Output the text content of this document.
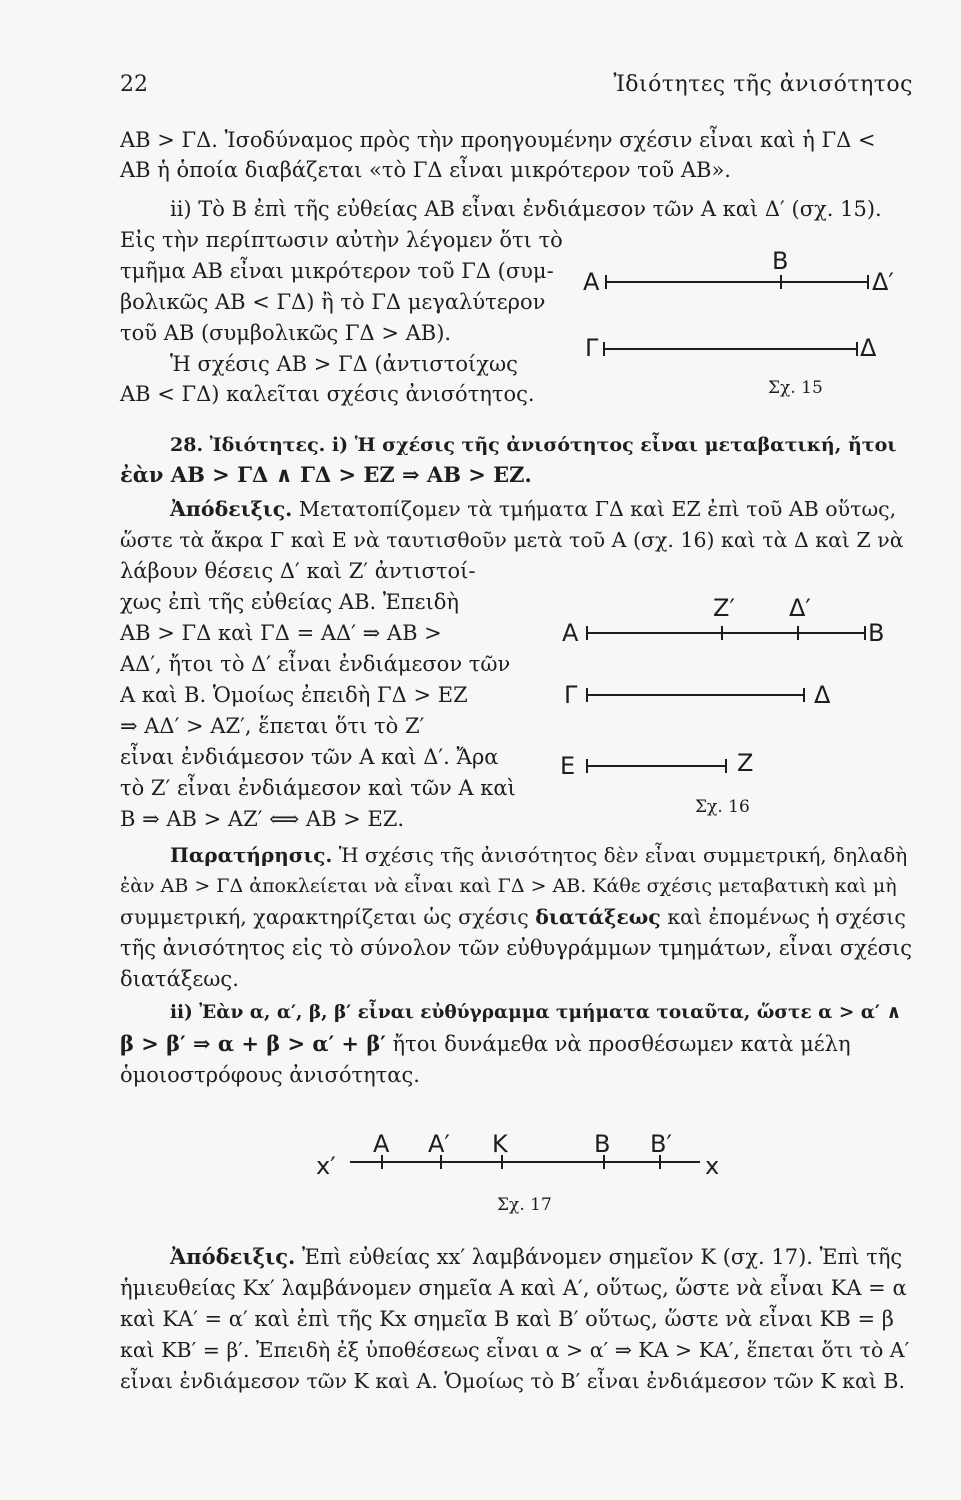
22	Ἰδιότητες τῆς ἀνισότητος
ΑΒ > ΓΔ. Ἰσοδύναμος πρὸς τὴν προηγουμένην σχέσιν εἶναι καὶ ἡ ΓΔ <
ΑΒ ἡ ὁποία διαβάζεται «τὸ ΓΔ εἶναι μικρότερον τοῦ ΑΒ».
ii) Τὸ Β ἐπὶ τῆς εὐθείας ΑΒ εἶναι ἐνδιάμεσον τῶν Α καὶ Δ′ (σχ. 15).
Εἰς τὴν περίπτωσιν αὐτὴν λέγομεν ὅτι τὸ
τμῆμα ΑΒ εἶναι μικρότερον τοῦ ΓΔ (συμ-
βολικῶς ΑΒ < ΓΔ) ἢ τὸ ΓΔ μεγαλύτερον
τοῦ ΑΒ (συμβολικῶς ΓΔ > ΑΒ).
Ἡ σχέσις ΑΒ > ΓΔ (ἀντιστοίχως
ΑΒ < ΓΔ) καλεῖται σχέσις ἀνισότητος.
Α
Β
Δ′
Γ	Δ
Σχ. 15
28. Ἰδιότητες. i) Ἡ σχέσις τῆς ἀνισότητος εἶναι μεταβατική, ἤτοι
ἐὰν ΑΒ > ΓΔ ∧ ΓΔ > ΕΖ ⇒ ΑΒ > ΕΖ.
Ἀπόδειξις. Μετατοπίζομεν τὰ τμήματα ΓΔ καὶ ΕΖ ἐπὶ τοῦ ΑΒ οὕτως,
ὥστε τὰ ἄκρα Γ καὶ Ε νὰ ταυτισθοῦν μετὰ τοῦ Α (σχ. 16) καὶ τὰ Δ καὶ Ζ νὰ
λάβουν θέσεις Δ′ καὶ Ζ′ ἀντιστοί-
χως ἐπὶ τῆς εὐθείας ΑΒ. Ἐπειδὴ
ΑΒ > ΓΔ καὶ ΓΔ = ΑΔ′ ⇒ ΑΒ >
ΑΔ′, ἤτοι τὸ Δ′ εἶναι ἐνδιάμεσον τῶν
Α καὶ Β. Ὁμοίως ἐπειδὴ ΓΔ > ΕΖ
⇒ ΑΔ′ > ΑΖ′, ἕπεται ὅτι τὸ Ζ′
εἶναι ἐνδιάμεσον τῶν Α καὶ Δ′. Ἄρα
τὸ Ζ′ εἶναι ἐνδιάμεσον καὶ τῶν Α καὶ
Β ⇒ ΑΒ > ΑΖ′ ⟺ ΑΒ > ΕΖ.
Α
Ζ′ Δ′
Β
Γ	Δ
Ε	Ζ
Σχ. 16
Παρατήρησις. Ἡ σχέσις τῆς ἀνισότητος δὲν εἶναι συμμετρική, δηλαδὴ
ἐὰν ΑΒ > ΓΔ ἀποκλείεται νὰ εἶναι καὶ ΓΔ > ΑΒ. Κάθε σχέσις μεταβατικὴ καὶ μὴ
συμμετρική, χαρακτηρίζεται ὡς σχέσις διατάξεως καὶ ἐπομένως ἡ σχέσις
τῆς ἀνισότητος εἰς τὸ σύνολον τῶν εὐθυγράμμων τμημάτων, εἶναι σχέσις
διατάξεως.
ii) Ἐὰν α, α′, β, β′ εἶναι εὐθύγραμμα τμήματα τοιαῦτα, ὥστε α > α′ ∧
β > β′ ⇒ α + β > α′ + β′ ἤτοι δυνάμεθα νὰ προσθέσωμεν κατὰ μέλη
ὁμοιοστρόφους ἀνισότητας.
x′
Α Α′ Κ	Β Β′
x
Σχ. 17
Ἀπόδειξις. Ἐπὶ εὐθείας xx′ λαμβάνομεν σημεῖον Κ (σχ. 17). Ἐπὶ τῆς
ἡμιευθείας Κx′ λαμβάνομεν σημεῖα Α καὶ Α′, οὕτως, ὥστε νὰ εἶναι ΚΑ = α
καὶ ΚΑ′ = α′ καὶ ἐπὶ τῆς Κx σημεῖα Β καὶ Β′ οὕτως, ὥστε νὰ εἶναι ΚΒ = β
καὶ ΚΒ′ = β′. Ἐπειδὴ ἐξ ὑποθέσεως εἶναι α > α′ ⇒ ΚΑ > ΚΑ′, ἕπεται ὅτι τὸ Α′
εἶναι ἐνδιάμεσον τῶν Κ καὶ Α. Ὁμοίως τὸ Β′ εἶναι ἐνδιάμεσον τῶν Κ καὶ Β.
